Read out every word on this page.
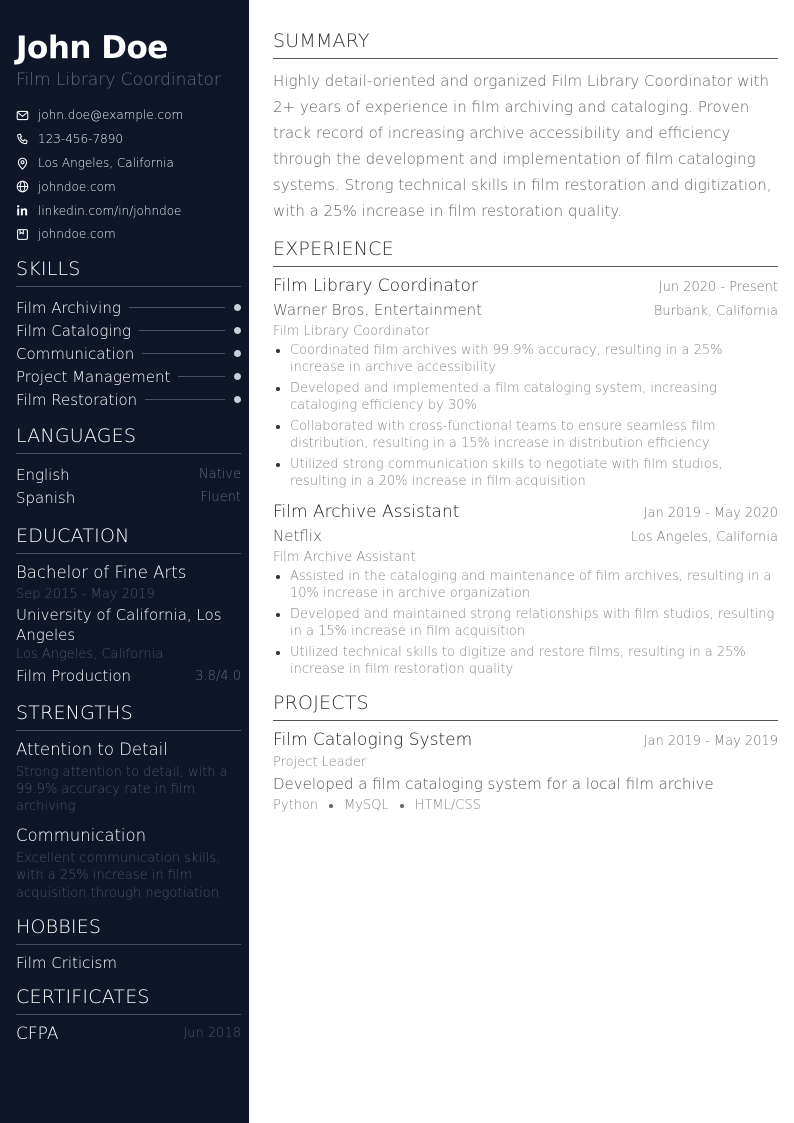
John Doe
Film Library Coordinator
john.doe@example.com
123-456-7890
Los Angeles, California
johndoe.com
linkedin.com/in/johndoe
johndoe.com
SKILLS
Film Archiving
Film Cataloging
Communication
Project Management
Film Restoration
LANGUAGES
English	Native
Spanish	Fluent
EDUCATION
Bachelor of Fine Arts
Sep 2015 - May 2019
University of California, Los Angeles
Los Angeles, California
Film Production	3.8/4.0
STRENGTHS
Attention to Detail
Strong attention to detail, with a 99.9% accuracy rate in film archiving
Communication
Excellent communication skills, with a 25% increase in film acquisition through negotiation
HOBBIES
Film Criticism
CERTIFICATES
CFPA	Jun 2018
SUMMARY

Highly detail-oriented and organized Film Library Coordinator with 2+ years of experience in film archiving and cataloging. Proven track record of increasing archive accessibility and efficiency through the development and implementation of film cataloging systems. Strong technical skills in film restoration and digitization, with a 25% increase in film restoration quality.

EXPERIENCE
Film Library Coordinator	Jun 2020 - Present
Warner Bros. Entertainment	Burbank, California
Film Library Coordinator
Coordinated film archives with 99.9% accuracy, resulting in a 25% increase in archive accessibility
Developed and implemented a film cataloging system, increasing cataloging efficiency by 30%
Collaborated with cross-functional teams to ensure seamless film distribution, resulting in a 15% increase in distribution efficiency
Utilized strong communication skills to negotiate with film studios, resulting in a 20% increase in film acquisition
Film Archive Assistant	Jan 2019 - May 2020
Netflix	Los Angeles, California
Film Archive Assistant
Assisted in the cataloging and maintenance of film archives, resulting in a 10% increase in archive organization
Developed and maintained strong relationships with film studios, resulting in a 15% increase in film acquisition
Utilized technical skills to digitize and restore films, resulting in a 25% increase in film restoration quality
PROJECTS
Film Cataloging System	Jan 2019 - May 2019
Project Leader
Developed a film cataloging system for a local film archive
Python MySQL HTML/CSS
